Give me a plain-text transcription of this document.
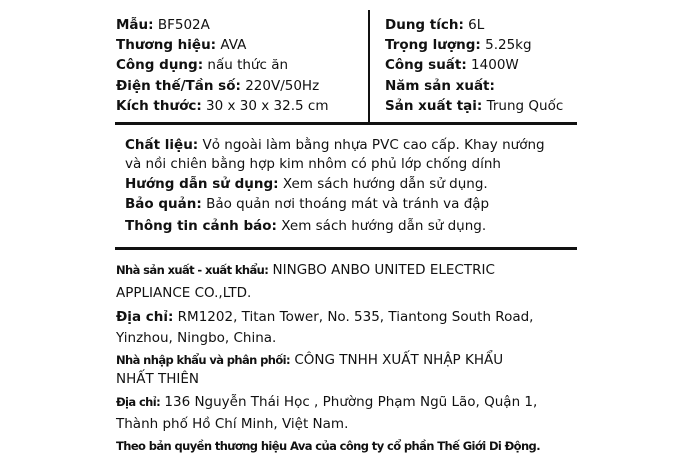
Mẫu: BF502A	Dung tích: 6L
Thương hiệu: AVA	Trọng lượng: 5.25kg
Công dụng: nấu thức ăn	Công suất: 1400W
Điện thế/Tần số: 220V/50Hz	Năm sản xuất:
Kích thước: 30 x 30 x 32.5 cm	Sản xuất tại: Trung Quốc
Chất liệu: Vỏ ngoài làm bằng nhựa PVC cao cấp. Khay nướng
và nồi chiên bằng hợp kim nhôm có phủ lớp chống dính
Hướng dẫn sử dụng: Xem sách hướng dẫn sử dụng.
Bảo quản: Bảo quản nơi thoáng mát và tránh va đập
Thông tin cảnh báo: Xem sách hướng dẫn sử dụng.
Nhà sản xuất - xuất khẩu: NINGBO ANBO UNITED ELECTRIC
APPLIANCE CO.,LTD.
Địa chỉ: RM1202, Titan Tower, No. 535, Tiantong South Road,
Yinzhou, Ningbo, China.
Nhà nhập khẩu và phân phối: CÔNG TNHH XUẤT NHẬP KHẨU
NHẤT THIÊN
Địa chỉ: 136 Nguyễn Thái Học , Phường Phạm Ngũ Lão, Quận 1,
Thành phố Hồ Chí Minh, Việt Nam.
Theo bản quyền thương hiệu Ava của công ty cổ phần Thế Giới Di Động.
